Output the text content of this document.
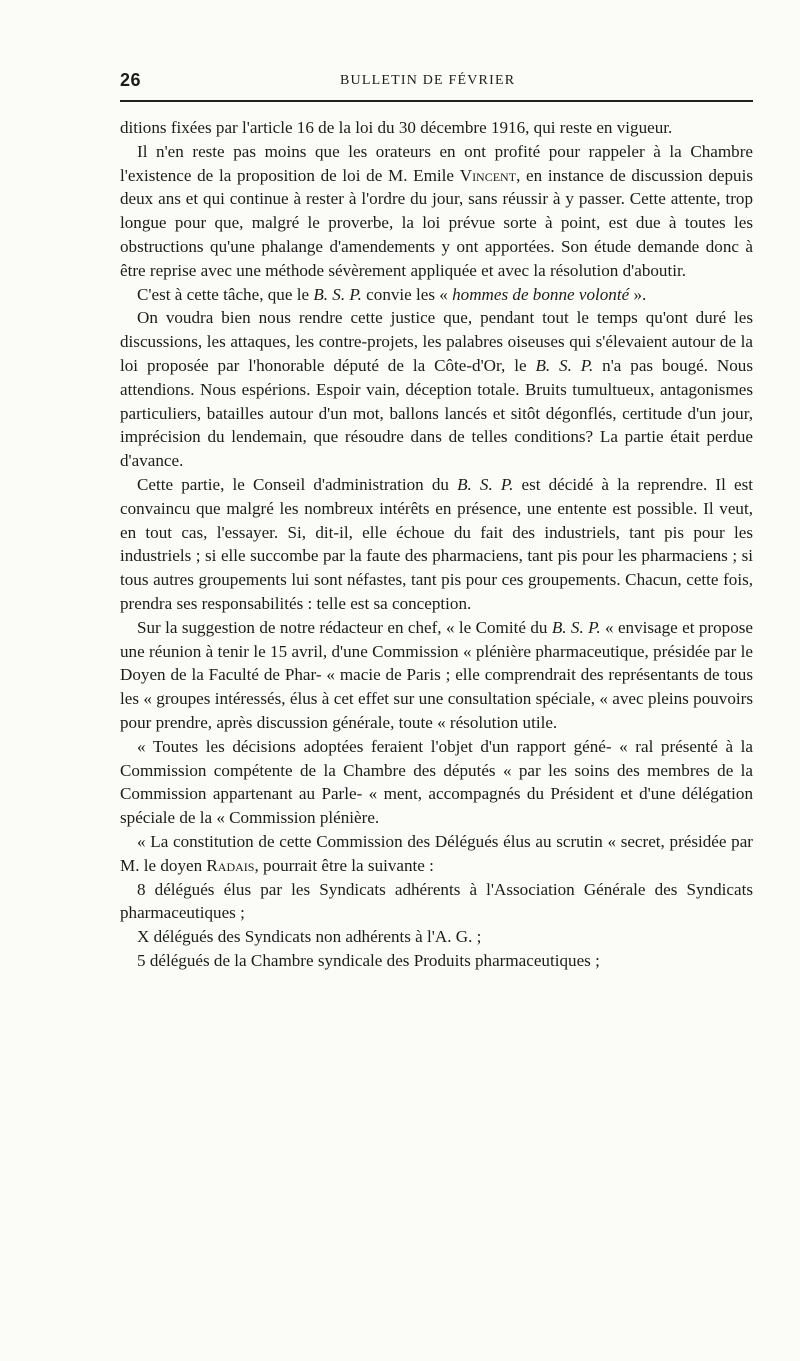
26	BULLETIN DE FÉVRIER

ditions fixées par l'article 16 de la loi du 30 décembre 1916, qui reste en vigueur.

Il n'en reste pas moins que les orateurs en ont profité pour rappeler à la Chambre l'existence de la proposition de loi de M. Emile Vincent, en instance de discussion depuis deux ans et qui continue à rester à l'ordre du jour, sans réussir à y passer. Cette attente, trop longue pour que, malgré le proverbe, la loi prévue sorte à point, est due à toutes les obstructions qu'une phalange d'amendements y ont apportées. Son étude demande donc à être reprise avec une méthode sévèrement appliquée et avec la résolution d'aboutir.

C'est à cette tâche, que le B. S. P. convie les « hommes de bonne volonté ».

On voudra bien nous rendre cette justice que, pendant tout le temps qu'ont duré les discussions, les attaques, les contre-projets, les palabres oiseuses qui s'élevaient autour de la loi proposée par l'honorable député de la Côte-d'Or, le B. S. P. n'a pas bougé. Nous attendions. Nous espérions. Espoir vain, déception totale. Bruits tumultueux, antagonismes particuliers, batailles autour d'un mot, ballons lancés et sitôt dégonflés, certitude d'un jour, imprécision du lendemain, que résoudre dans de telles conditions? La partie était perdue d'avance.

Cette partie, le Conseil d'administration du B. S. P. est décidé à la reprendre. Il est convaincu que malgré les nombreux intérêts en présence, une entente est possible. Il veut, en tout cas, l'essayer. Si, dit-il, elle échoue du fait des industriels, tant pis pour les industriels ; si elle succombe par la faute des pharmaciens, tant pis pour les pharmaciens ; si tous autres groupements lui sont néfastes, tant pis pour ces groupements. Chacun, cette fois, prendra ses responsabilités : telle est sa conception.

Sur la suggestion de notre rédacteur en chef, « le Comité du B. S. P. « envisage et propose une réunion à tenir le 15 avril, d'une Commission « plénière pharmaceutique, présidée par le Doyen de la Faculté de Phar- « macie de Paris ; elle comprendrait des représentants de tous les « groupes intéressés, élus à cet effet sur une consultation spéciale, « avec pleins pouvoirs pour prendre, après discussion générale, toute « résolution utile.

« Toutes les décisions adoptées feraient l'objet d'un rapport géné- « ral présenté à la Commission compétente de la Chambre des députés « par les soins des membres de la Commission appartenant au Parle- « ment, accompagnés du Président et d'une délégation spéciale de la « Commission plénière.

« La constitution de cette Commission des Délégués élus au scrutin « secret, présidée par M. le doyen Radais, pourrait être la suivante :

8 délégués élus par les Syndicats adhérents à l'Association Générale des Syndicats pharmaceutiques ;

X délégués des Syndicats non adhérents à l'A. G. ;

5 délégués de la Chambre syndicale des Produits pharmaceutiques ;
